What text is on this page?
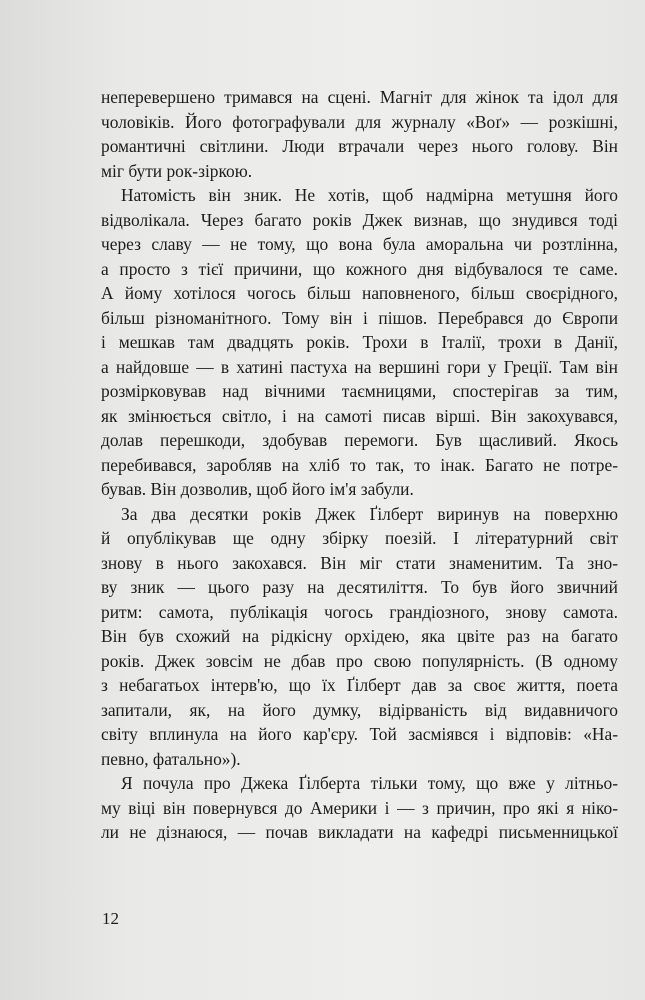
неперевершено тримався на сцені. Магніт для жінок та ідол для
чоловіків. Його фотографували для журналу «Воґ» — розкішні,
романтичні світлини. Люди втрачали через нього голову. Він
міг бути рок-зіркою.

Натомість він зник. Не хотів, щоб надмірна метушня його
відволікала. Через багато років Джек визнав, що знудився тоді
через славу — не тому, що вона була аморальна чи розтлінна,
а просто з тієї причини, що кожного дня відбувалося те саме.
А йому хотілося чогось більш наповненого, більш своєрідного,
більш різноманітного. Тому він і пішов. Перебрався до Європи
і мешкав там двадцять років. Трохи в Італії, трохи в Данії,
а найдовше — в хатині пастуха на вершині гори у Греції. Там він
розмірковував над вічними таємницями, спостерігав за тим,
як змінюється світло, і на самоті писав вірші. Він закохувався,
долав перешкоди, здобував перемоги. Був щасливий. Якось
перебивався, заробляв на хліб то так, то інак. Багато не потре-
бував. Він дозволив, щоб його ім'я забули.

За два десятки років Джек Ґілберт виринув на поверхню
й опублікував ще одну збірку поезій. І літературний світ
знову в нього закохався. Він міг стати знаменитим. Та зно-
ву зник — цього разу на десятиліття. То був його звичний
ритм: самота, публікація чогось грандіозного, знову самота.
Він був схожий на рідкісну орхідею, яка цвіте раз на багато
років. Джек зовсім не дбав про свою популярність. (В одному
з небагатьох інтерв'ю, що їх Ґілберт дав за своє життя, поета
запитали, як, на його думку, відірваність від видавничого
світу вплинула на його кар'єру. Той засміявся і відповів: «На-
певно, фатально»).

Я почула про Джека Ґілберта тільки тому, що вже у літньо-
му віці він повернувся до Америки і — з причин, про які я ніко-
ли не дізнаюся, — почав викладати на кафедрі письменницької

12
